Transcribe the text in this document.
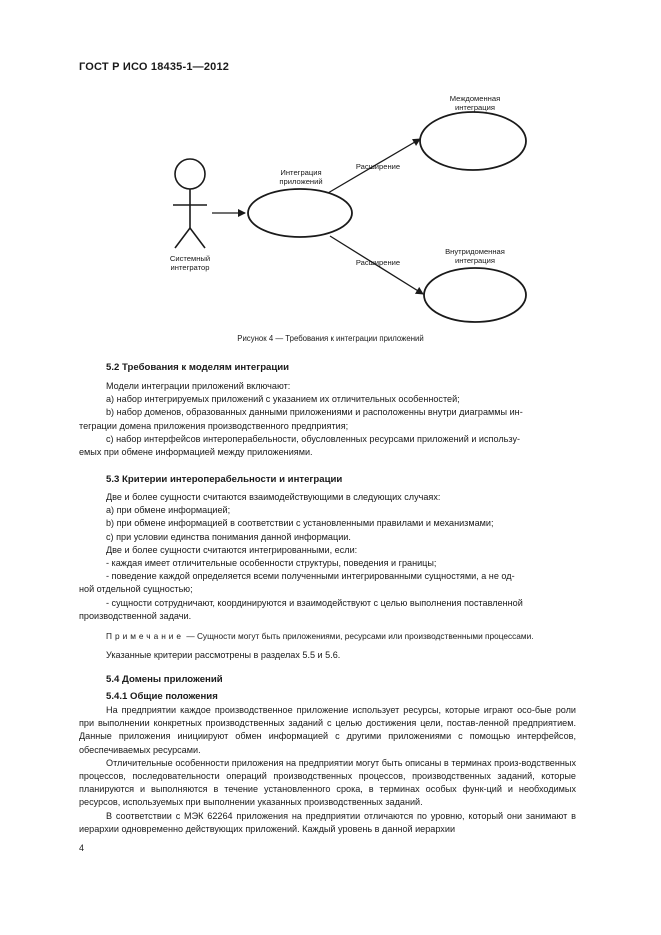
ГОСТ Р ИСО 18435-1—2012
Междоменная
интеграция
Интеграция
приложений
Расширение
Расширение
Внутридоменная
интеграция
Системный
интегратор
Рисунок 4 — Требования к интеграции приложений
5.2 Требования к моделям интеграции
Модели интеграции приложений включают:
а) набор интегрируемых приложений с указанием их отличительных особенностей;
b) набор доменов, образованных данными приложениями и расположенны внутри диаграммы ин-
теграции домена приложения производственного предприятия;
с) набор интерфейсов интероперабельности, обусловленных ресурсами приложений и использу-
емых при обмене информацией между приложениями.
5.3 Критерии интероперабельности и интеграции
Две и более сущности считаются взаимодействующими в следующих случаях:
а) при обмене информацией;
b) при обмене информацией в соответствии с установленными правилами и механизмами;
с) при условии единства понимания данной информации.
Две и более сущности считаются интегрированными, если:
- каждая имеет отличительные особенности структуры, поведения и границы;
- поведение каждой определяется всеми полученными интегрированными сущностями, а не од-
ной отдельной сущностью;
- сущности сотрудничают, координируются и взаимодействуют с целью выполнения поставленной
производственной задачи.
Примечание — Сущности могут быть приложениями, ресурсами или производственными процессами.
Указанные критерии рассмотрены в разделах 5.5 и 5.6.
5.4 Домены приложений
5.4.1 Общие положения
На предприятии каждое производственное приложение использует ресурсы, которые играют осо-бые роли при выполнении конкретных производственных заданий с целью достижения цели, постав-ленной предприятием. Данные приложения инициируют обмен информацией с другими приложениями с помощью интерфейсов, обеспечиваемых ресурсами.
Отличительные особенности приложения на предприятии могут быть описаны в терминах произ-водственных процессов, последовательности операций производственных процессов, производственных заданий, которые планируются и выполняются в течение установленного срока, в терминах особых функ-ций и необходимых ресурсов, используемых при выполнении указанных производственных заданий.
В соответствии с МЭК 62264 приложения на предприятии отличаются по уровню, который они занимают в иерархии одновременно действующих приложений. Каждый уровень в данной иерархии
4
